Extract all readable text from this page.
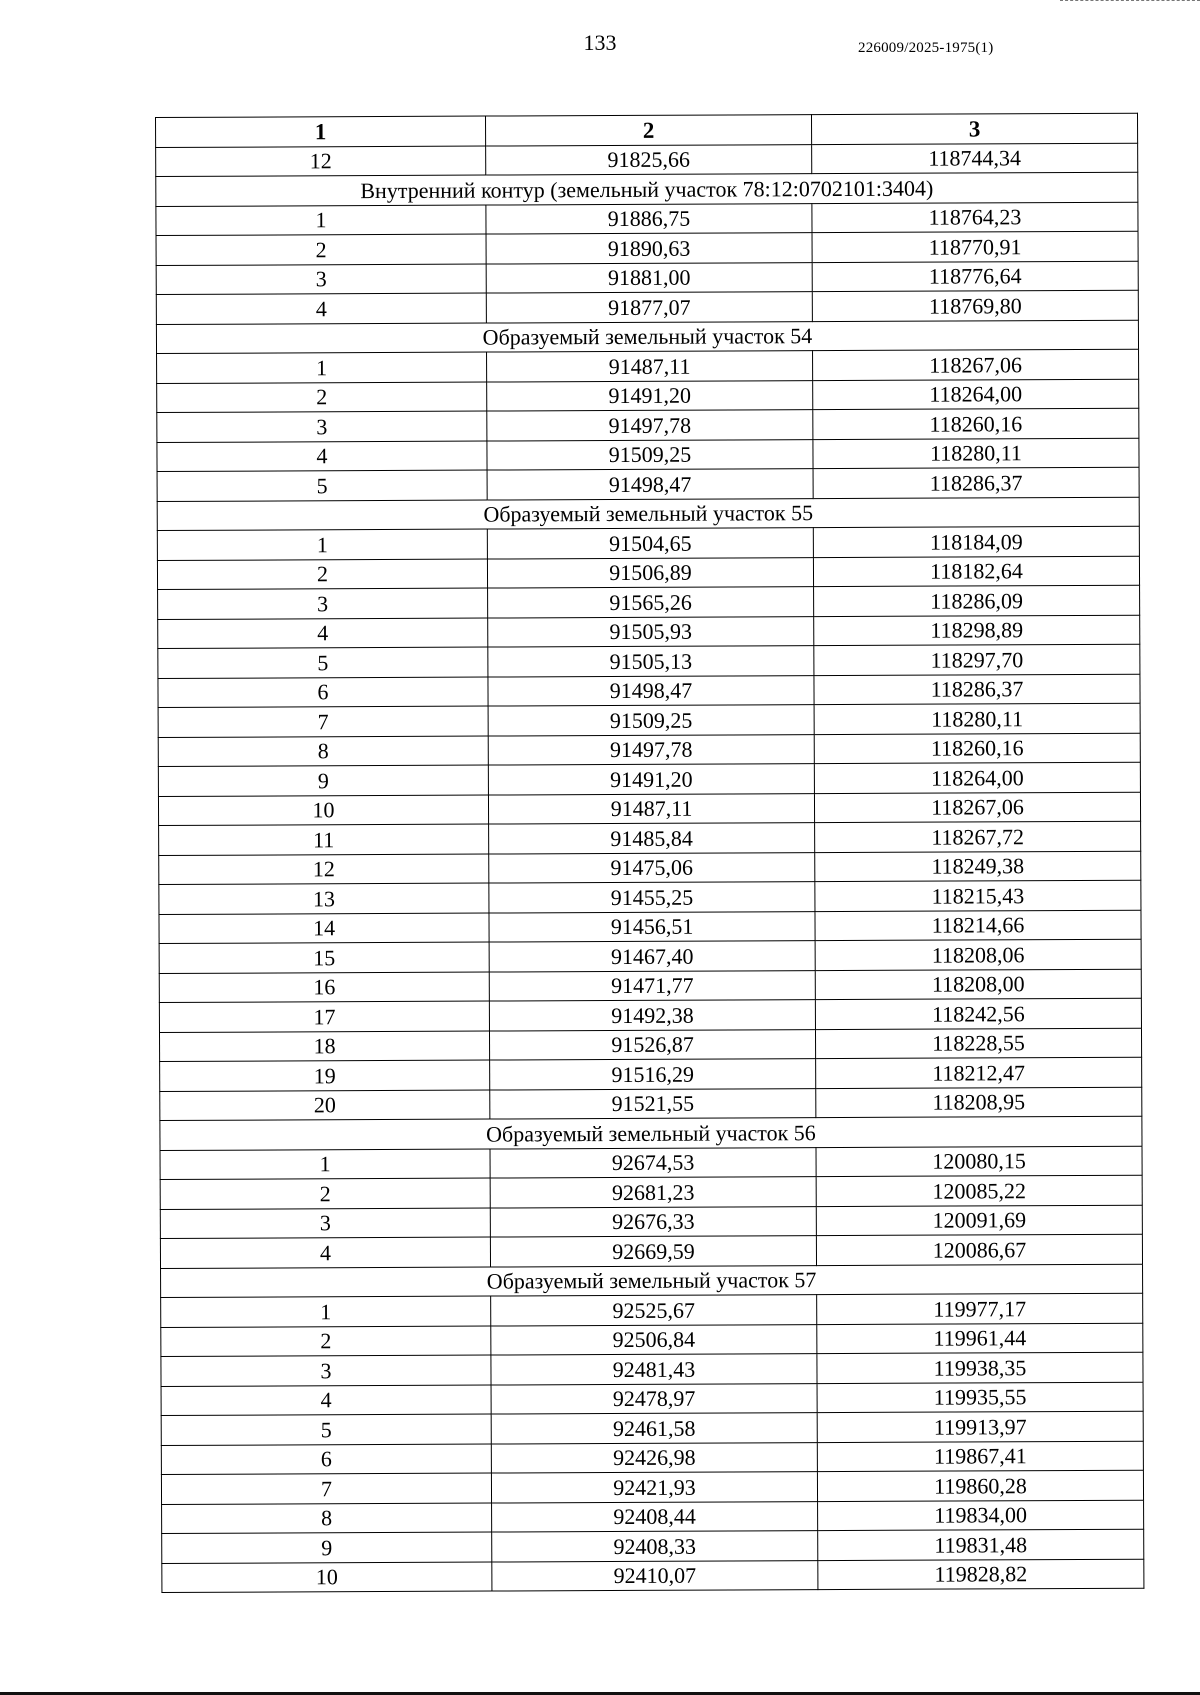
133	226009/2025-1975(1)
1	2	3
12	91825,66	118744,34
Внутренний контур (земельный участок 78:12:0702101:3404)		
1	91886,75	118764,23
2	91890,63	118770,91
3	91881,00	118776,64
4	91877,07	118769,80
Образуемый земельный участок 54		
1	91487,11	118267,06
2	91491,20	118264,00
3	91497,78	118260,16
4	91509,25	118280,11
5	91498,47	118286,37
Образуемый земельный участок 55		
1	91504,65	118184,09
2	91506,89	118182,64
3	91565,26	118286,09
4	91505,93	118298,89
5	91505,13	118297,70
6	91498,47	118286,37
7	91509,25	118280,11
8	91497,78	118260,16
9	91491,20	118264,00
10	91487,11	118267,06
11	91485,84	118267,72
12	91475,06	118249,38
13	91455,25	118215,43
14	91456,51	118214,66
15	91467,40	118208,06
16	91471,77	118208,00
17	91492,38	118242,56
18	91526,87	118228,55
19	91516,29	118212,47
20	91521,55	118208,95
Образуемый земельный участок 56		
1	92674,53	120080,15
2	92681,23	120085,22
3	92676,33	120091,69
4	92669,59	120086,67
Образуемый земельный участок 57		
1	92525,67	119977,17
2	92506,84	119961,44
3	92481,43	119938,35
4	92478,97	119935,55
5	92461,58	119913,97
6	92426,98	119867,41
7	92421,93	119860,28
8	92408,44	119834,00
9	92408,33	119831,48
10	92410,07	119828,82
